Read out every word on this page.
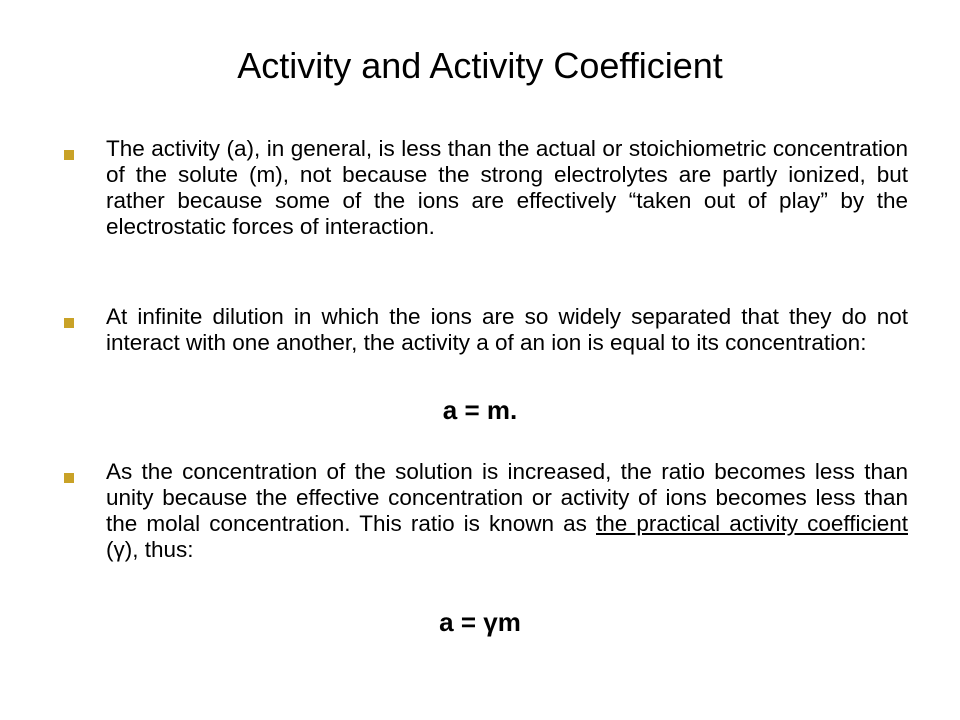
Activity and Activity Coefficient
The activity (a), in general, is less than the actual or stoichiometric concentration of the solute (m), not because the strong electrolytes are partly ionized, but rather because some of the ions are effectively “taken out of play” by the electrostatic forces of interaction.
At infinite dilution in which the ions are so widely separated that they do not interact with one another, the activity a of an ion is equal to its concentration:
a = m.
As the concentration of the solution is increased, the ratio becomes less than unity because the effective concentration or activity of ions becomes less than the molal concentration. This ratio is known as the practical activity coefficient (γ), thus:
a = γm
